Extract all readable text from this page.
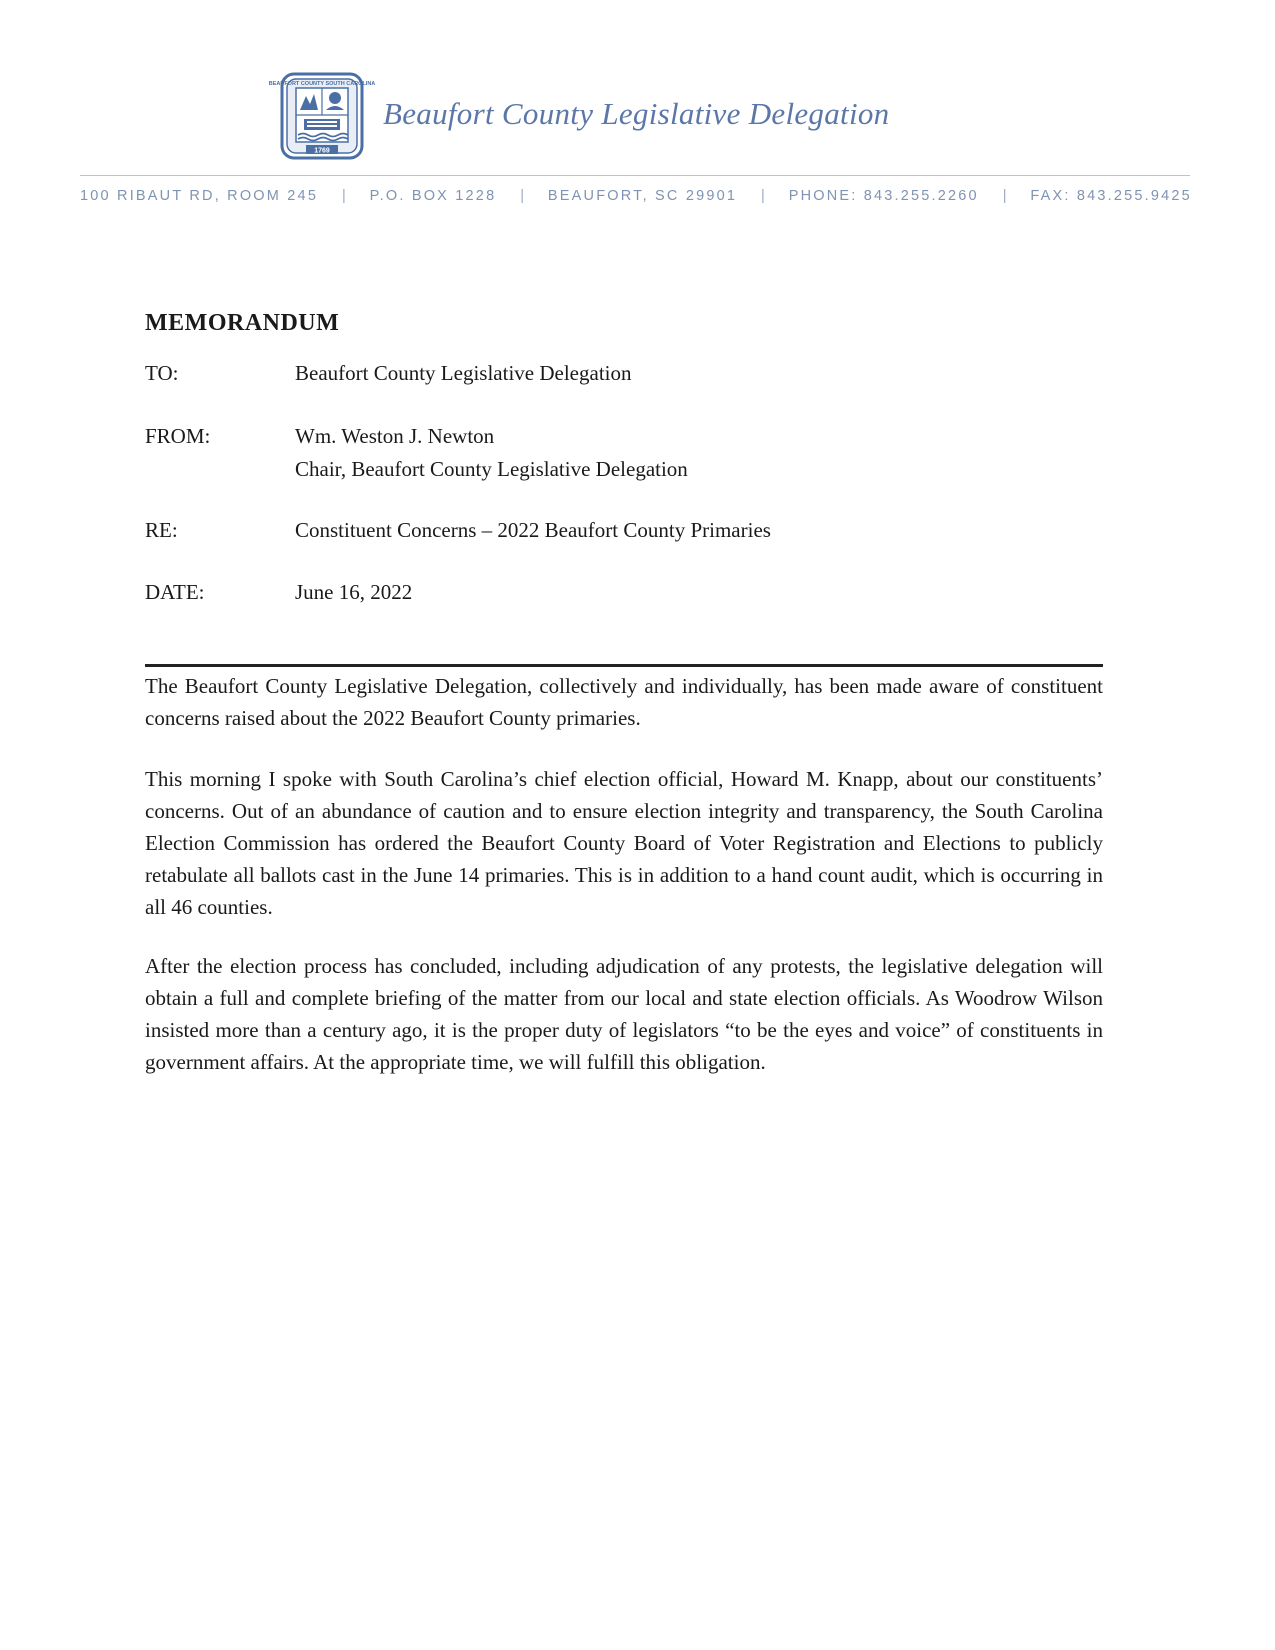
1769
BEAUFORT COUNTY SOUTH CAROLINA
Beaufort County Legislative Delegation
100 RIBAUT RD, ROOM 245 | P.O. BOX 1228 | BEAUFORT, SC 29901 | PHONE: 843.255.2260 | FAX: 843.255.9425
MEMORANDUM
TO:	Beaufort County Legislative Delegation
FROM:	Wm. Weston J. Newton
Chair, Beaufort County Legislative Delegation
RE:	Constituent Concerns – 2022 Beaufort County Primaries
DATE:	June 16, 2022

The Beaufort County Legislative Delegation, collectively and individually, has been made aware of constituent concerns raised about the 2022 Beaufort County primaries.

This morning I spoke with South Carolina’s chief election official, Howard M. Knapp, about our constituents’ concerns. Out of an abundance of caution and to ensure election integrity and transparency, the South Carolina Election Commission has ordered the Beaufort County Board of Voter Registration and Elections to publicly retabulate all ballots cast in the June 14 primaries. This is in addition to a hand count audit, which is occurring in all 46 counties.

After the election process has concluded, including adjudication of any protests, the legislative delegation will obtain a full and complete briefing of the matter from our local and state election officials. As Woodrow Wilson insisted more than a century ago, it is the proper duty of legislators “to be the eyes and voice” of constituents in government affairs. At the appropriate time, we will fulfill this obligation.
